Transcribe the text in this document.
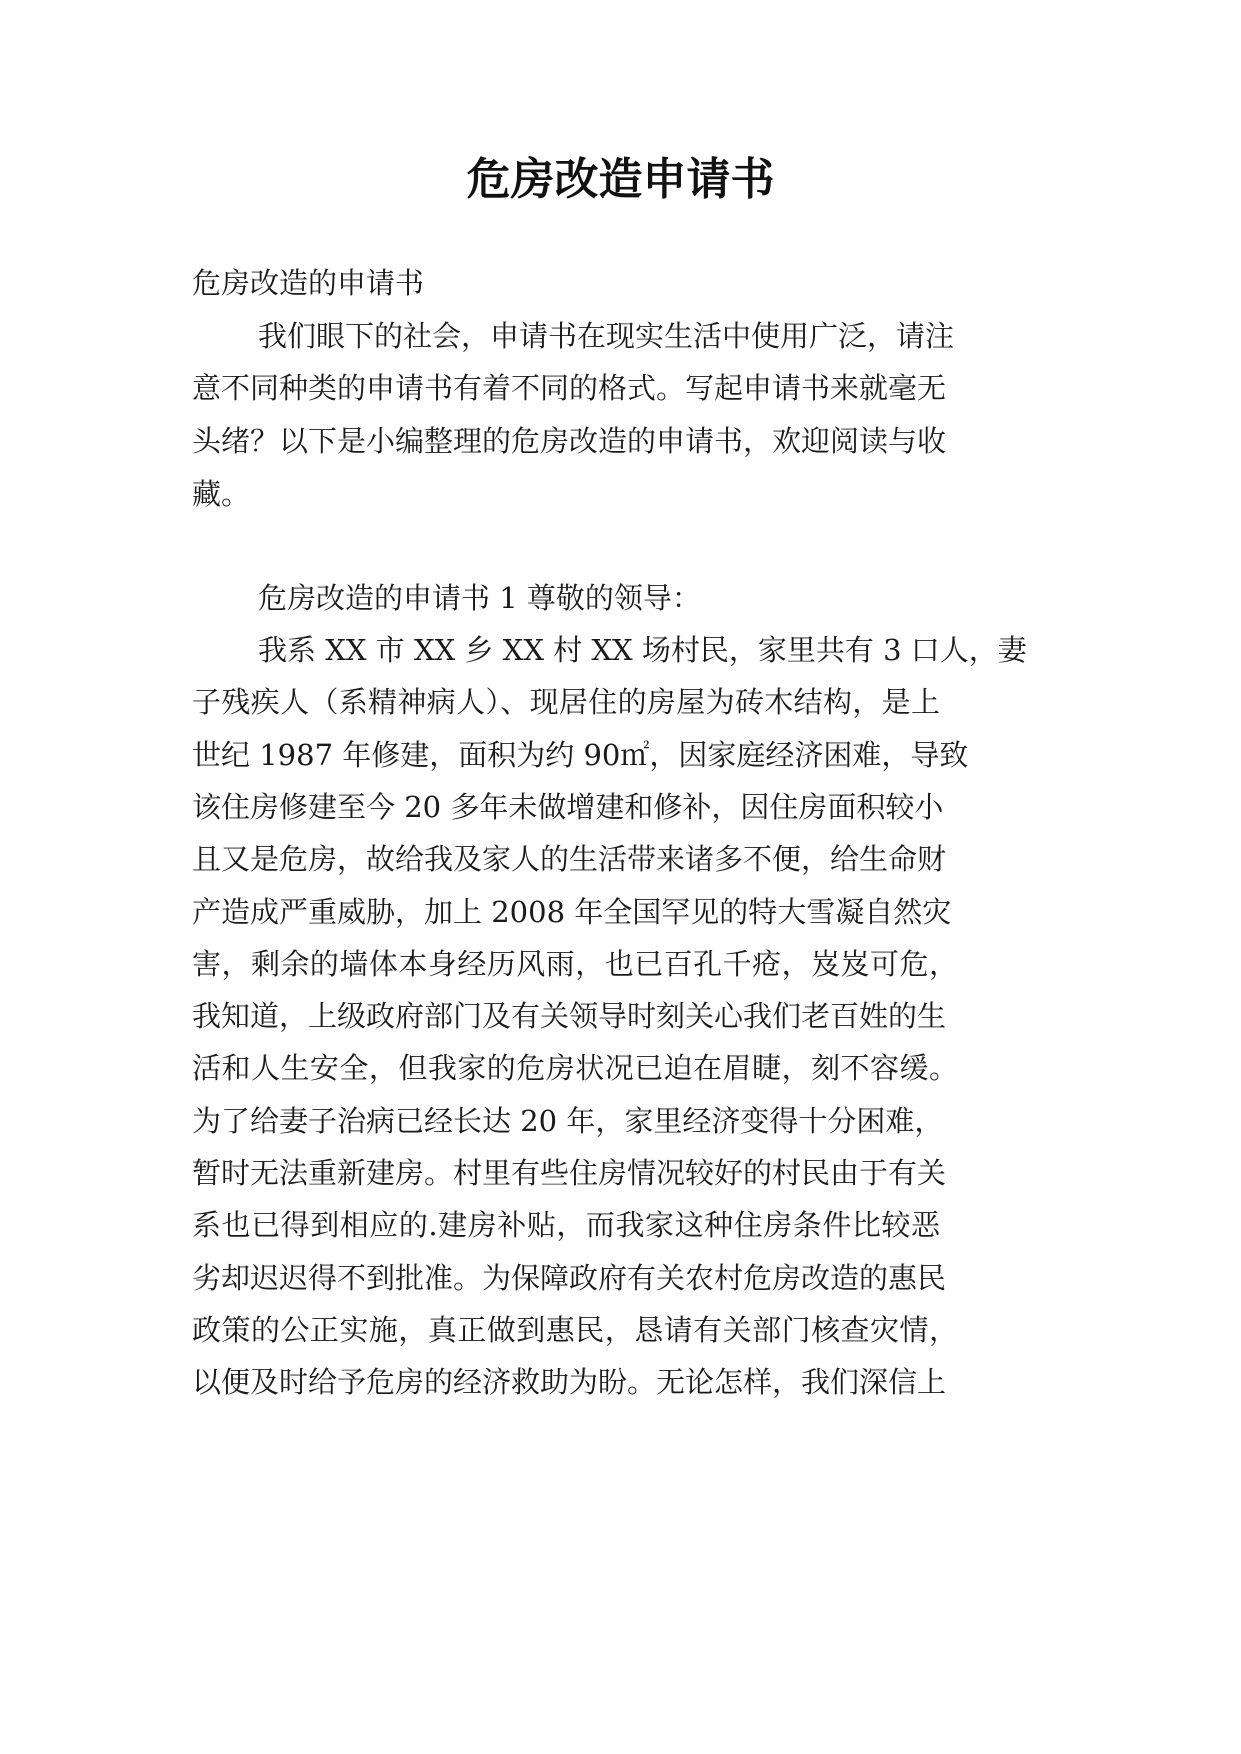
危房改造申请书

危房改造的申请书

我们眼下的社会，申请书在现实生活中使用广泛，请注

意不同种类的申请书有着不同的格式。写起申请书来就毫无

头绪？以下是小编整理的危房改造的申请书，欢迎阅读与收

藏。

危房改造的申请书 1 尊敬的领导：

我系 XX 市 XX 乡 XX 村 XX 场村民，家里共有 3 口人，妻

子残疾人（系精神病人）、现居住的房屋为砖木结构，是上

世纪 1987 年修建，面积为约 90㎡，因家庭经济困难，导致

该住房修建至今 20 多年未做增建和修补，因住房面积较小

且又是危房，故给我及家人的生活带来诸多不便，给生命财

产造成严重威胁，加上 2008 年全国罕见的特大雪凝自然灾

害，剩余的墙体本身经历风雨，也已百孔千疮，岌岌可危，

我知道，上级政府部门及有关领导时刻关心我们老百姓的生

活和人生安全，但我家的危房状况已迫在眉睫，刻不容缓。

为了给妻子治病已经长达 20 年，家里经济变得十分困难，

暂时无法重新建房。村里有些住房情况较好的村民由于有关

系也已得到相应的.建房补贴，而我家这种住房条件比较恶

劣却迟迟得不到批准。为保障政府有关农村危房改造的惠民

政策的公正实施，真正做到惠民，恳请有关部门核查灾情，

以便及时给予危房的经济救助为盼。无论怎样，我们深信上
